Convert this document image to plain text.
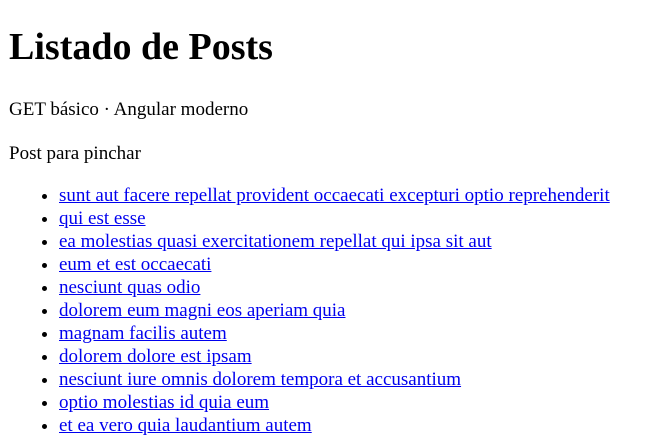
Listado de Posts

GET básico · Angular moderno

Post para pinchar

• sunt aut facere repellat provident occaecati excepturi optio reprehenderit
• qui est esse
• ea molestias quasi exercitationem repellat qui ipsa sit aut
• eum et est occaecati
• nesciunt quas odio
• dolorem eum magni eos aperiam quia
• magnam facilis autem
• dolorem dolore est ipsam
• nesciunt iure omnis dolorem tempora et accusantium
• optio molestias id quia eum
• et ea vero quia laudantium autem
